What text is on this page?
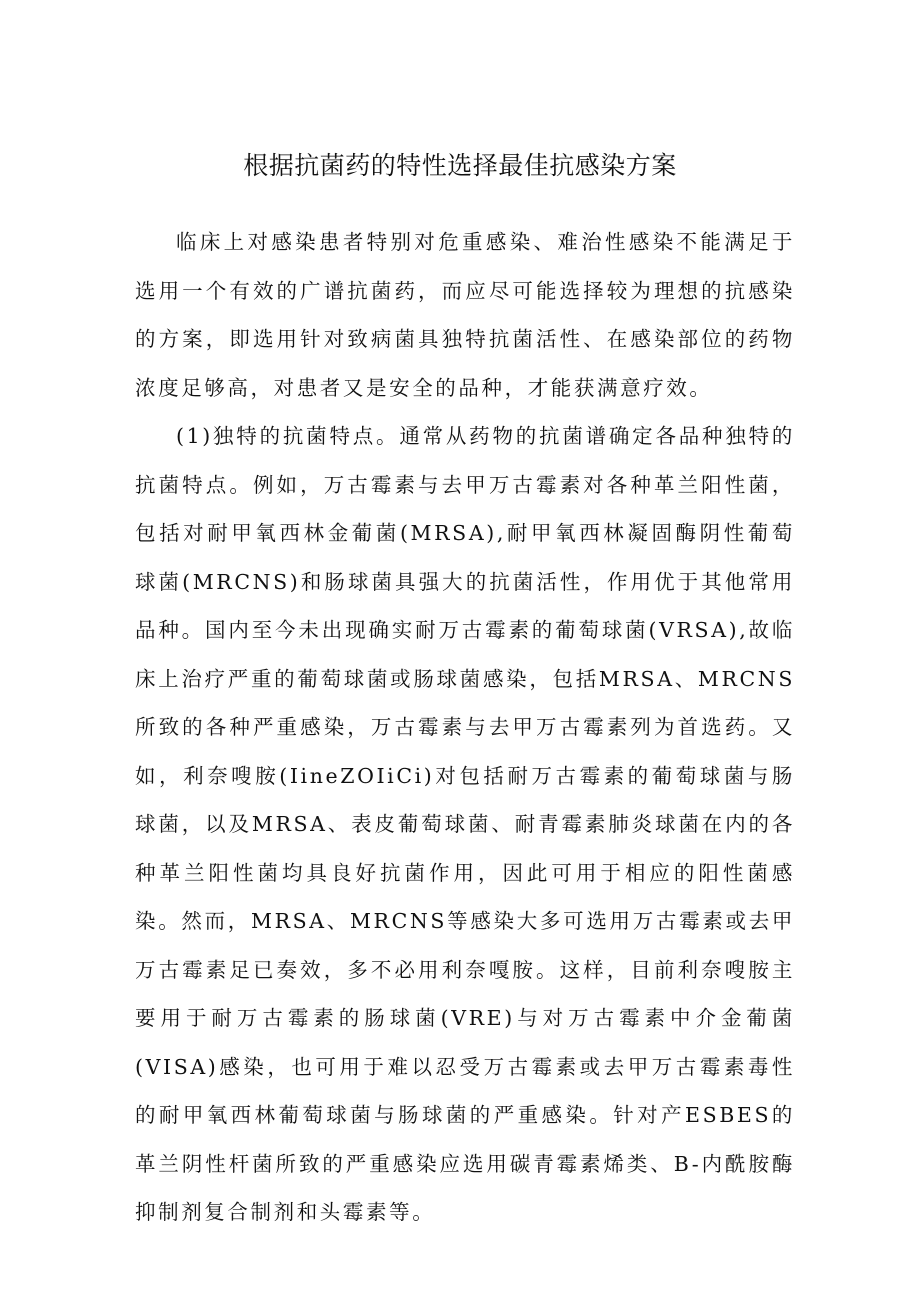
根据抗菌药的特性选择最佳抗感染方案

临床上对感染患者特别对危重感染、难治性感染不能满足于选用一个有效的广谱抗菌药，而应尽可能选择较为理想的抗感染的方案，即选用针对致病菌具独特抗菌活性、在感染部位的药物浓度足够高，对患者又是安全的品种，才能获满意疗效。

(1)独特的抗菌特点。通常从药物的抗菌谱确定各品种独特的抗菌特点。例如，万古霉素与去甲万古霉素对各种革兰阳性菌，包括对耐甲氧西林金葡菌(MRSA),耐甲氧西林凝固酶阴性葡萄球菌(MRCNS)和肠球菌具强大的抗菌活性，作用优于其他常用品种。国内至今未出现确实耐万古霉素的葡萄球菌(VRSA),故临床上治疗严重的葡萄球菌或肠球菌感染，包括MRSA、MRCNS所致的各种严重感染，万古霉素与去甲万古霉素列为首选药。又如，利奈嗖胺(IineZOIiCi)对包括耐万古霉素的葡萄球菌与肠球菌，以及MRSA、表皮葡萄球菌、耐青霉素肺炎球菌在内的各种革兰阳性菌均具良好抗菌作用，因此可用于相应的阳性菌感染。然而，MRSA、MRCNS等感染大多可选用万古霉素或去甲万古霉素足已奏效，多不必用利奈嘎胺。这样，目前利奈嗖胺主要用于耐万古霉素的肠球菌(VRE)与对万古霉素中介金葡菌(VISA)感染，也可用于难以忍受万古霉素或去甲万古霉素毒性的耐甲氧西林葡萄球菌与肠球菌的严重感染。针对产ESBES的革兰阴性杆菌所致的严重感染应选用碳青霉素烯类、B-内酰胺酶抑制剂复合制剂和头霉素等。
